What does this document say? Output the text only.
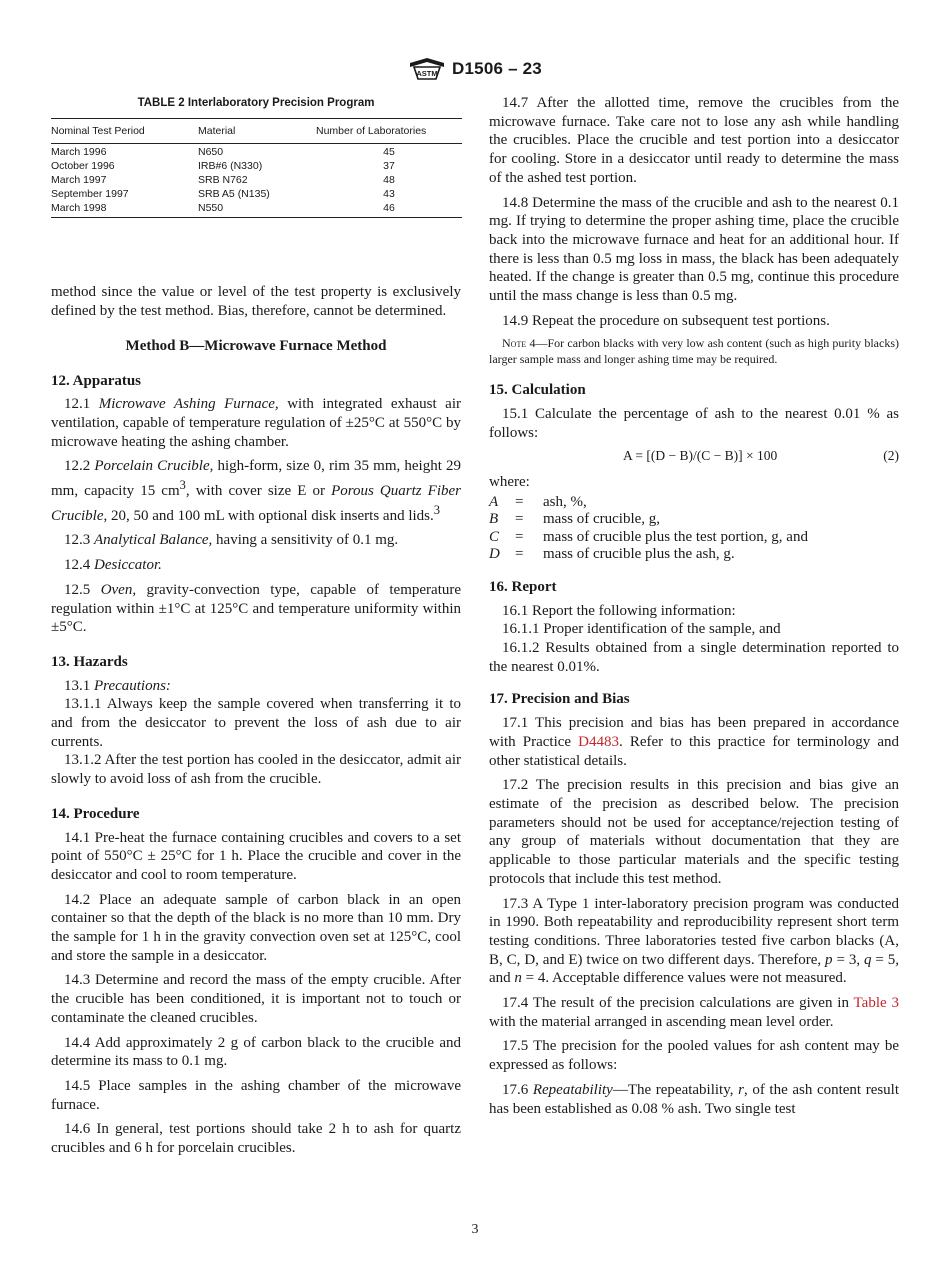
ASTM D1506 – 23
TABLE 2 Interlaboratory Precision Program
Nominal Test Period	Material	Number of Laboratories
March 1996	N650	45
October 1996	IRB#6 (N330)	37
March 1997	SRB N762	48
September 1997	SRB A5 (N135)	43
March 1998	N550	46

method since the value or level of the test property is exclusively defined by the test method. Bias, therefore, cannot be determined.

Method B—Microwave Furnace Method
12. Apparatus

12.1 Microwave Ashing Furnace, with integrated exhaust air ventilation, capable of temperature regulation of ±25°C at 550°C by microwave heating the ashing chamber.

12.2 Porcelain Crucible, high-form, size 0, rim 35 mm, height 29 mm, capacity 15 $cm^3$, with cover size E or Porous Quartz Fiber Crucible, 20, 50 and 100 mL with optional disk inserts and lids.$^3$

12.3 Analytical Balance, having a sensitivity of 0.1 mg.

12.4 Desiccator.

12.5 Oven, gravity-convection type, capable of temperature regulation within ±1°C at 125°C and temperature uniformity within ±5°C.

13. Hazards

13.1 Precautions:

13.1.1 Always keep the sample covered when transferring it to and from the desiccator to prevent the loss of ash due to air currents.

13.1.2 After the test portion has cooled in the desiccator, admit air slowly to avoid loss of ash from the crucible.

14. Procedure

14.1 Pre-heat the furnace containing crucibles and covers to a set point of 550°C ± 25°C for 1 h. Place the crucible and cover in the desiccator and cool to room temperature.

14.2 Place an adequate sample of carbon black in an open container so that the depth of the black is no more than 10 mm. Dry the sample for 1 h in the gravity convection oven set at 125°C, cool and store the sample in a desiccator.

14.3 Determine and record the mass of the empty crucible. After the crucible has been conditioned, it is important not to touch or contaminate the cleaned crucibles.

14.4 Add approximately 2 g of carbon black to the crucible and determine its mass to 0.1 mg.

14.5 Place samples in the ashing chamber of the microwave furnace.

14.6 In general, test portions should take 2 h to ash for quartz crucibles and 6 h for porcelain crucibles.

14.7 After the allotted time, remove the crucibles from the microwave furnace. Take care not to lose any ash while handling the crucibles. Place the crucible and test portion into a desiccator for cooling. Store in a desiccator until ready to determine the mass of the ashed test portion.

14.8 Determine the mass of the crucible and ash to the nearest 0.1 mg. If trying to determine the proper ashing time, place the crucible back into the microwave furnace and heat for an additional hour. If there is less than 0.5 mg loss in mass, the black has been adequately heated. If the change is greater than 0.5 mg, continue this procedure until the mass change is less than 0.5 mg.

14.9 Repeat the procedure on subsequent test portions.

Note 4—For carbon blacks with very low ash content (such as high purity blacks) larger sample mass and longer ashing time may be required.
15. Calculation

15.1 Calculate the percentage of ash to the nearest 0.01 % as follows:

A = [(D − B)/(C − B)] × 100	(2)
where:
A	=	ash, %,
B	=	mass of crucible, g,
C	=	mass of crucible plus the test portion, g, and
D	=	mass of crucible plus the ash, g.
16. Report

16.1 Report the following information:

16.1.1 Proper identification of the sample, and

16.1.2 Results obtained from a single determination reported to the nearest 0.01%.

17. Precision and Bias

17.1 This precision and bias has been prepared in accordance with Practice D4483. Refer to this practice for terminology and other statistical details.

17.2 The precision results in this precision and bias give an estimate of the precision as described below. The precision parameters should not be used for acceptance/rejection testing of any group of materials without documentation that they are applicable to those particular materials and the specific testing protocols that include this test method.

17.3 A Type 1 inter-laboratory precision program was conducted in 1990. Both repeatability and reproducibility represent short term testing conditions. Three laboratories tested five carbon blacks (A, B, C, D, and E) twice on two different days. Therefore, p = 3, q = 5, and n = 4. Acceptable difference values were not measured.

17.4 The result of the precision calculations are given in Table 3 with the material arranged in ascending mean level order.

17.5 The precision for the pooled values for ash content may be expressed as follows:

17.6 Repeatability—The repeatability, r, of the ash content result has been established as 0.08 % ash. Two single test

3
